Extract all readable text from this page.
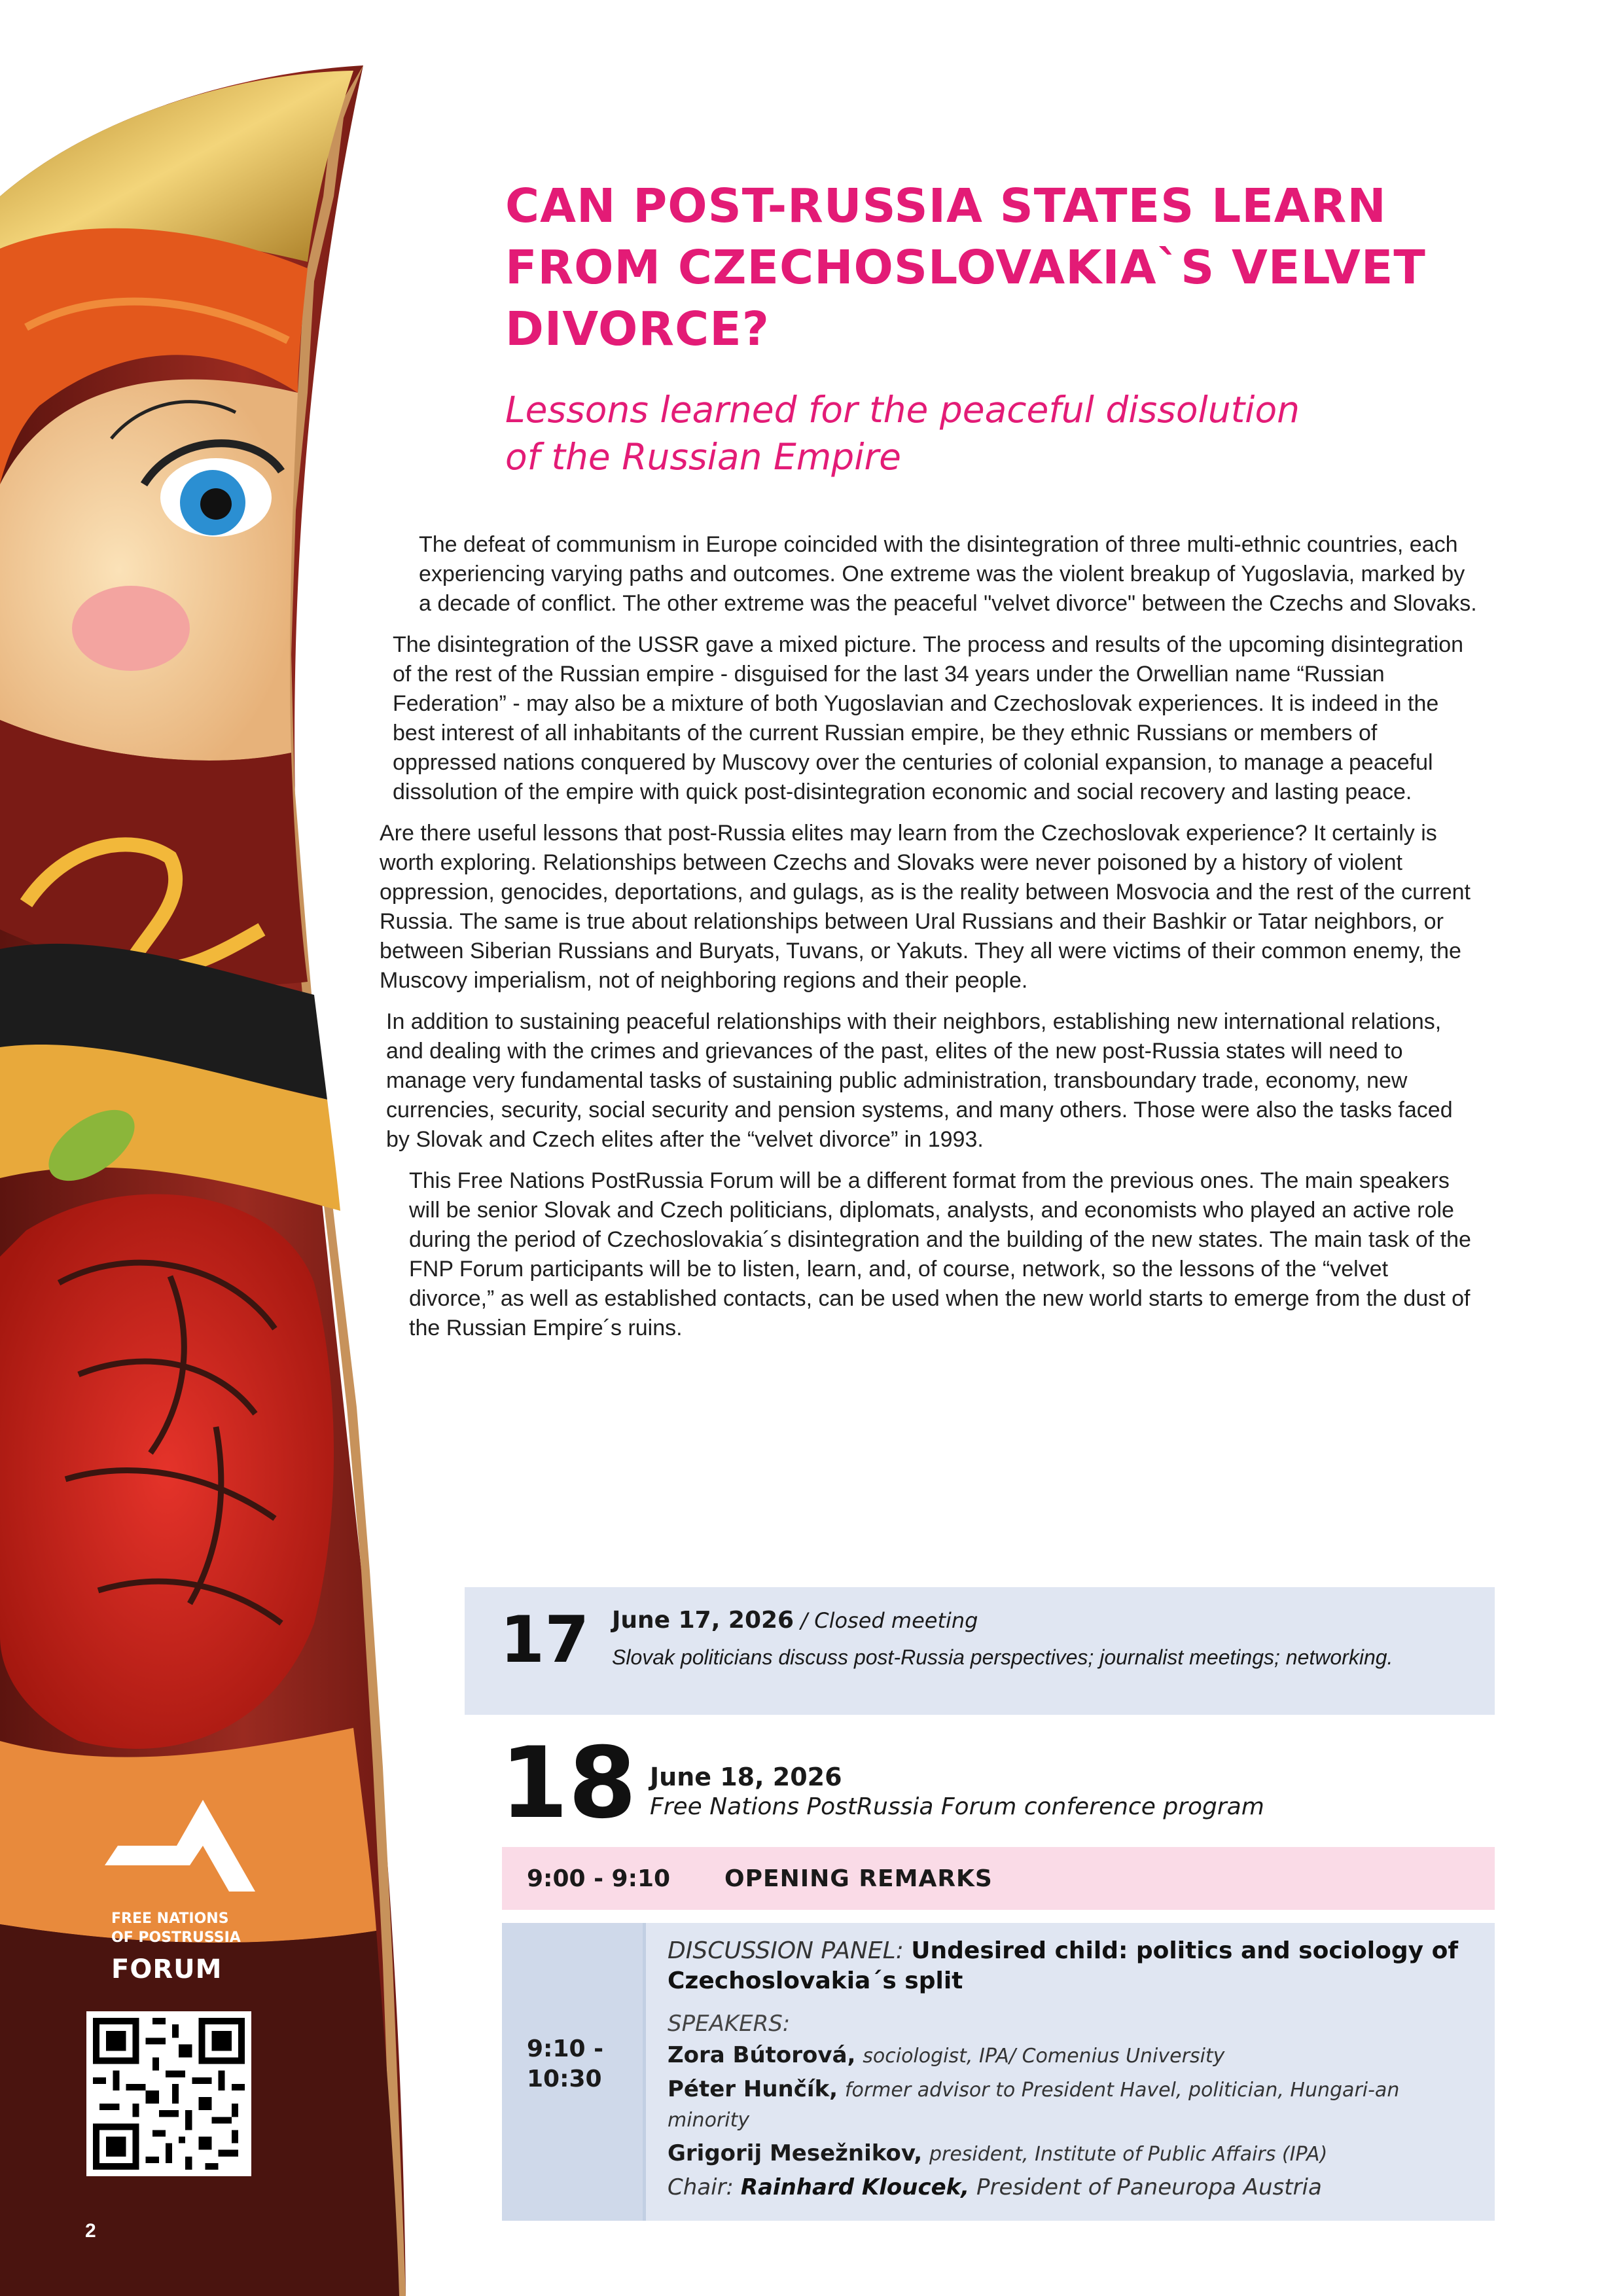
FREE NATIONS
OF POSTRUSSIA
FORUM
2
CAN POST-RUSSIA STATES LEARN FROM CZECHOSLOVAKIA`S VELVET DIVORCE?
Lessons learned for the peaceful dissolution
of the Russian Empire

The defeat of communism in Europe coincided with the disintegration of three multi-ethnic countries, each experiencing varying paths and outcomes. One extreme was the violent breakup of Yugoslavia, marked by a decade of conflict. The other extreme was the peaceful "velvet divorce" between the Czechs and Slovaks.

The disintegration of the USSR gave a mixed picture. The process and results of the upcoming disintegration of the rest of the Russian empire - disguised for the last 34 years under the Orwellian name “Russian Federation” - may also be a mixture of both Yugoslavian and Czechoslovak experiences. It is indeed in the best interest of all inhabitants of the current Russian empire, be they ethnic Russians or members of oppressed nations conquered by Muscovy over the centuries of colonial expansion, to manage a peaceful dissolution of the empire with quick post-disintegration economic and social recovery and lasting peace.

Are there useful lessons that post-Russia elites may learn from the Czechoslovak experience? It certainly is worth exploring. Relationships between Czechs and Slovaks were never poisoned by a history of violent oppression, genocides, deportations, and gulags, as is the reality between Mosvocia and the rest of the current Russia. The same is true about relationships between Ural Russians and their Bashkir or Tatar neighbors, or between Siberian Russians and Buryats, Tuvans, or Yakuts. They all were victims of their common enemy, the Muscovy imperialism, not of neighboring regions and their people.

In addition to sustaining peaceful relationships with their neighbors, establishing new international relations, and dealing with the crimes and grievances of the past, elites of the new post-Russia states will need to manage very fundamental tasks of sustaining public administration, transboundary trade, economy, new currencies, security, social security and pension systems, and many others. Those were also the tasks faced by Slovak and Czech elites after the “velvet divorce” in 1993.

This Free Nations PostRussia Forum will be a different format from the previous ones. The main speakers will be senior Slovak and Czech politicians, diplomats, analysts, and economists who played an active role during the period of Czechoslovakia´s disintegration and the building of the new states. The main task of the FNP Forum participants will be to listen, learn, and, of course, network, so the lessons of the “velvet divorce,” as well as established contacts, can be used when the new world starts to emerge from the dust of the Russian Empire´s ruins.

17 June 17, 2026 / Closed meeting
Slovak politicians discuss post-Russia perspectives; journalist meetings; networking.
18 June 18, 2026
Free Nations PostRussia Forum conference program
9:00 - 9:10 OPENING REMARKS
9:10 -
10:30
DISCUSSION PANEL: Undesired child: politics and sociology of Czechoslovakia´s split
SPEAKERS:
Zora Bútorová, sociologist, IPA/ Comenius University
Péter Hunčík, former advisor to President Havel, politician, Hungari-an minority
Grigorij Mesežnikov, president, Institute of Public Affairs (IPA)
Chair: Rainhard Kloucek, President of Paneuropa Austria
